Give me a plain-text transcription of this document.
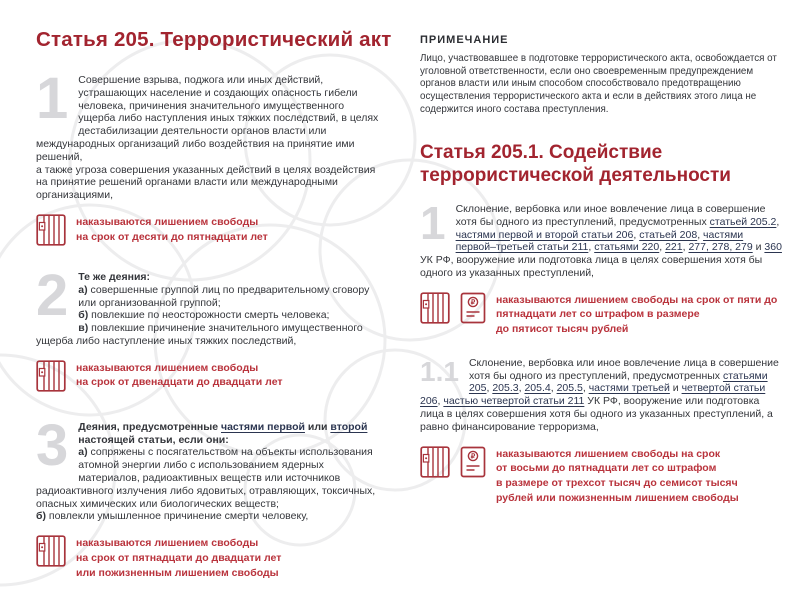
Статья 205. Террористический акт
1 Совершение взрыва, поджога или иных действий, устрашающих население и создающих опасность гибели человека, причинения значительного имущественного ущерба либо наступления иных тяжких последствий, в целях дестабилизации деятельности органов власти или международных организаций либо воздействия на принятие ими решений,
а также угроза совершения указанных действий в целях воздействия на принятие решений органами власти или международными организациями,

наказываются лишением свободы
на срок от десяти до пятнадцати лет
2 Те же деяния:
а) совершенные группой лиц по предварительному сговору или организованной группой;
б) повлекшие по неосторожности смерть человека;
в) повлекшие причинение значительного имущественного ущерба либо наступление иных тяжких последствий,

наказываются лишением свободы
на срок от двенадцати до двадцати лет
3 Деяния, предусмотренные частями первой или второй настоящей статьи, если они:
а) сопряжены с посягательством на объекты использования атомной энергии либо с использованием ядерных материалов, радиоактивных веществ или источников радиоактивного излучения либо ядовитых, отравляющих, токсичных, опасных химических или биологических веществ;
б) повлекли умышленное причинение смерти человеку,

наказываются лишением свободы
на срок от пятнадцати до двадцати лет
или пожизненным лишением свободы
ПРИМЕЧАНИЕ

Лицо, участвовавшее в подготовке террористического акта, освобождается от уголовной ответственности, если оно своевременным предупреждением органов власти или иным способом способствовало предотвращению осуществления террористического акта и если в действиях этого лица не содержится иного состава преступления.

Статья 205.1. Содействие
террористической деятельности
1 Склонение, вербовка или иное вовлечение лица в совершение хотя бы одного из преступлений, предусмотренных статьей 205.2, частями первой и второй статьи 206, статьей 208, частями первой–третьей статьи 211, статьями 220, 221, 277, 278, 279 и 360 УК РФ, вооружение или подготовка лица в целях совершения хотя бы одного из указанных преступлений,

₽ наказываются лишением свободы на срок от пяти до
пятнадцати лет со штрафом в размере
до пятисот тысяч рублей
1.1 Склонение, вербовка или иное вовлечение лица в совершение хотя бы одного из преступлений, предусмотренных статьями 205, 205.3, 205.4, 205.5, частями третьей и четвертой статьи 206, частью четвертой статьи 211 УК РФ, вооружение или подготовка лица в целях совершения хотя бы одного из указанных преступлений, а равно финансирование терроризма,

₽ наказываются лишением свободы на срок
от восьми до пятнадцати лет со штрафом
в размере от трехсот тысяч до семисот тысяч
рублей или пожизненным лишением свободы
